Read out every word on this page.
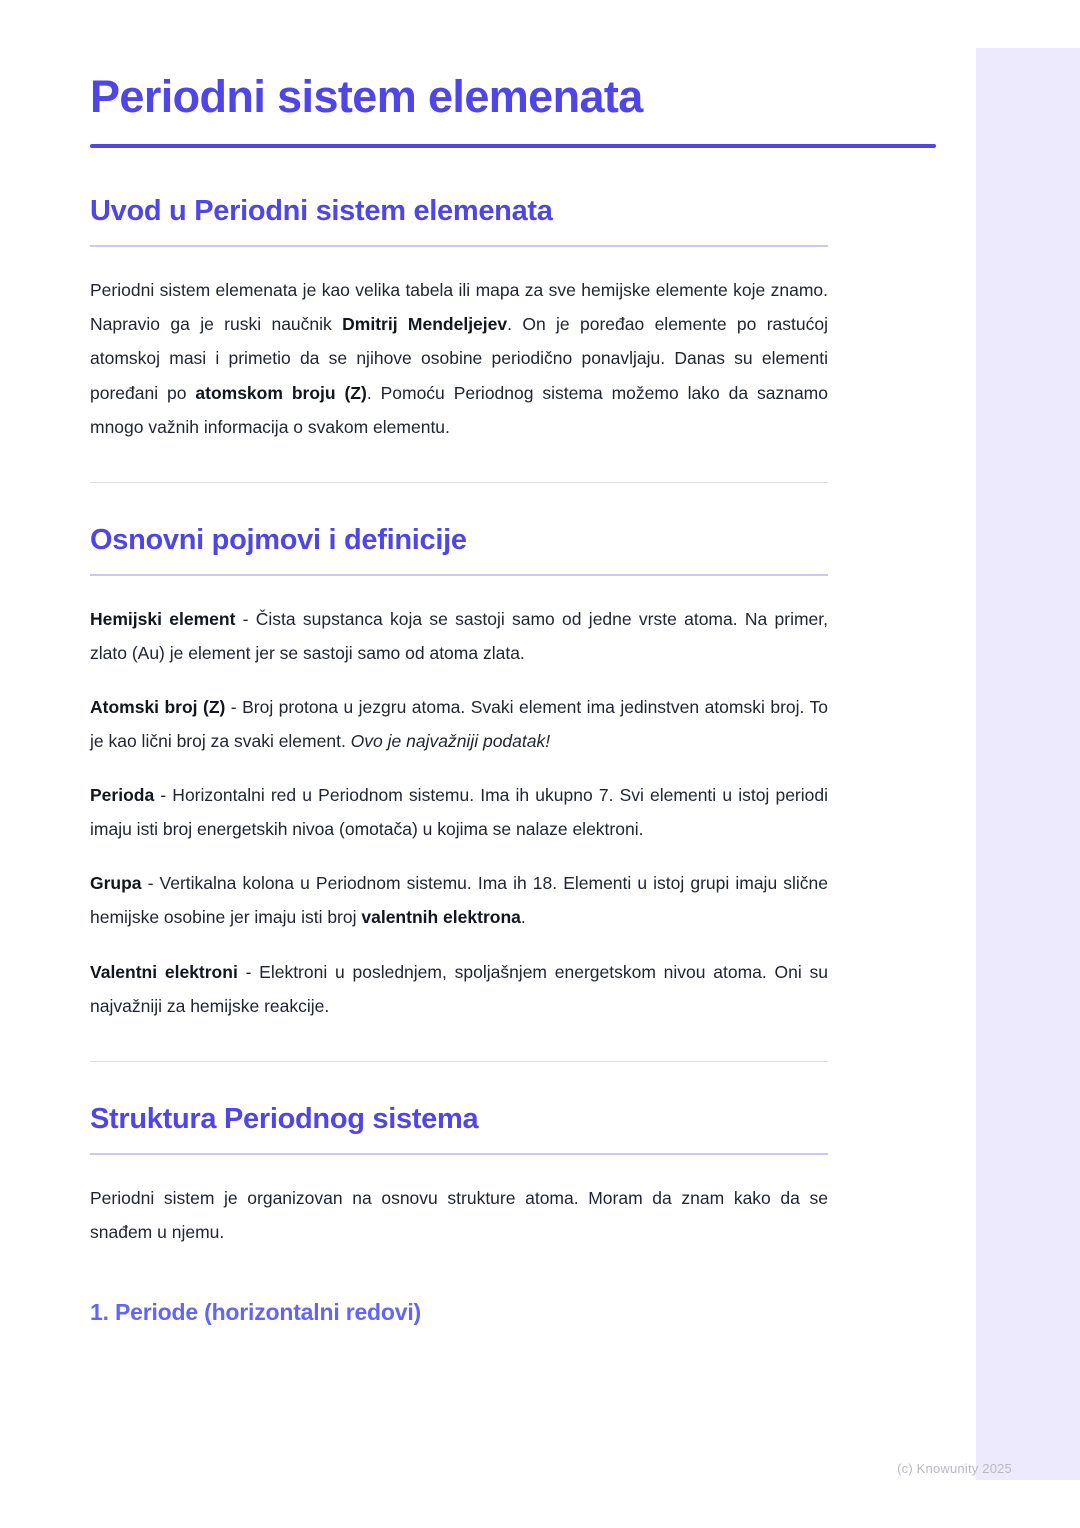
Periodni sistem elemenata
Uvod u Periodni sistem elemenata

Periodni sistem elemenata je kao velika tabela ili mapa za sve hemijske elemente koje znamo. Napravio ga je ruski naučnik Dmitrij Mendeljejev. On je poređao elemente po rastućoj atomskoj masi i primetio da se njihove osobine periodično ponavljaju. Danas su elementi poređani po atomskom broju (Z). Pomoću Periodnog sistema možemo lako da saznamo mnogo važnih informacija o svakom elementu.

Osnovni pojmovi i definicije

Hemijski element - Čista supstanca koja se sastoji samo od jedne vrste atoma. Na primer, zlato (Au) je element jer se sastoji samo od atoma zlata.

Atomski broj (Z) - Broj protona u jezgru atoma. Svaki element ima jedinstven atomski broj. To je kao lični broj za svaki element. Ovo je najvažniji podatak!

Perioda - Horizontalni red u Periodnom sistemu. Ima ih ukupno 7. Svi elementi u istoj periodi imaju isti broj energetskih nivoa (omotača) u kojima se nalaze elektroni.

Grupa - Vertikalna kolona u Periodnom sistemu. Ima ih 18. Elementi u istoj grupi imaju slične hemijske osobine jer imaju isti broj valentnih elektrona.

Valentni elektroni - Elektroni u poslednjem, spoljašnjem energetskom nivou atoma. Oni su najvažniji za hemijske reakcije.

Struktura Periodnog sistema

Periodni sistem je organizovan na osnovu strukture atoma. Moram da znam kako da se snađem u njemu.

1. Periode (horizontalni redovi)
(c) Knowunity 2025
